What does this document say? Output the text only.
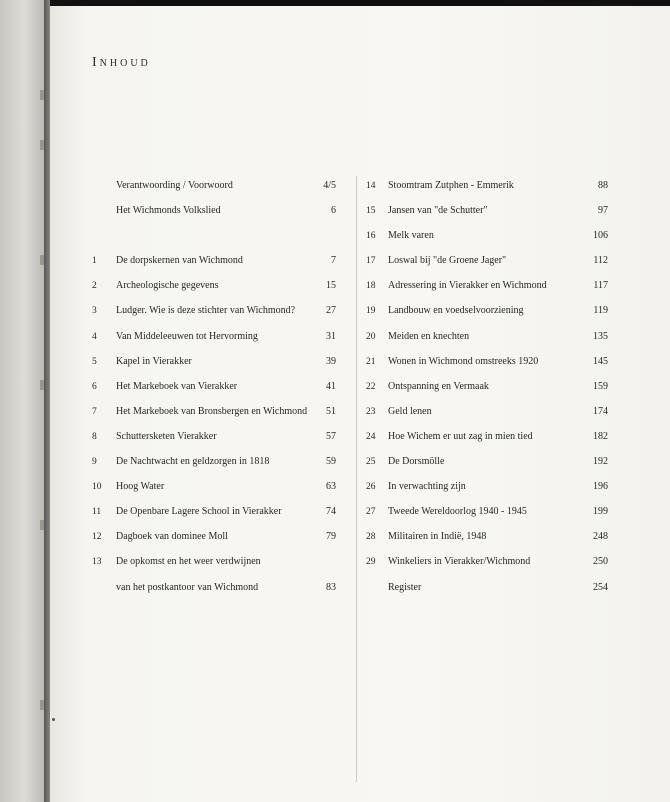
Inhoud
Verantwoording / Voorwoord	4/5
Het Wichmonds Volkslied	6
1 De dorpskernen van Wichmond	7
2 Archeologische gegevens	15
3 Ludger. Wie is deze stichter van Wichmond?	27
4 Van Middeleeuwen tot Hervorming	31
5 Kapel in Vierakker	39
6 Het Markeboek van Vierakker	41
7 Het Markeboek van Bronsbergen en Wichmond 51
8 Schuttersketen Vierakker	57
9 De Nachtwacht en geldzorgen in 1818	59
10 Hoog Water	63
11 De Openbare Lagere School in Vierakker	74
12 Dagboek van dominee Moll	79
13 De opkomst en het weer verdwijnen
van het postkantoor van Wichmond	83
14 Stoomtram Zutphen - Emmerik	88
15 Jansen van "de Schutter"	97
16 Melk varen	106
17 Loswal bij "de Groene Jager"	112
18 Adressering in Vierakker en Wichmond	117
19 Landbouw en voedselvoorziening	119
20 Meiden en knechten	135
21 Wonen in Wichmond omstreeks 1920	145
22 Ontspanning en Vermaak	159
23 Geld lenen	174
24 Hoe Wichem er uut zag in mien tied	182
25 De Dorsmölle	192
26 In verwachting zijn	196
27 Tweede Wereldoorlog 1940 - 1945	199
28 Militairen in Indië, 1948	248
29 Winkeliers in Vierakker/Wichmond	250
Register	254
